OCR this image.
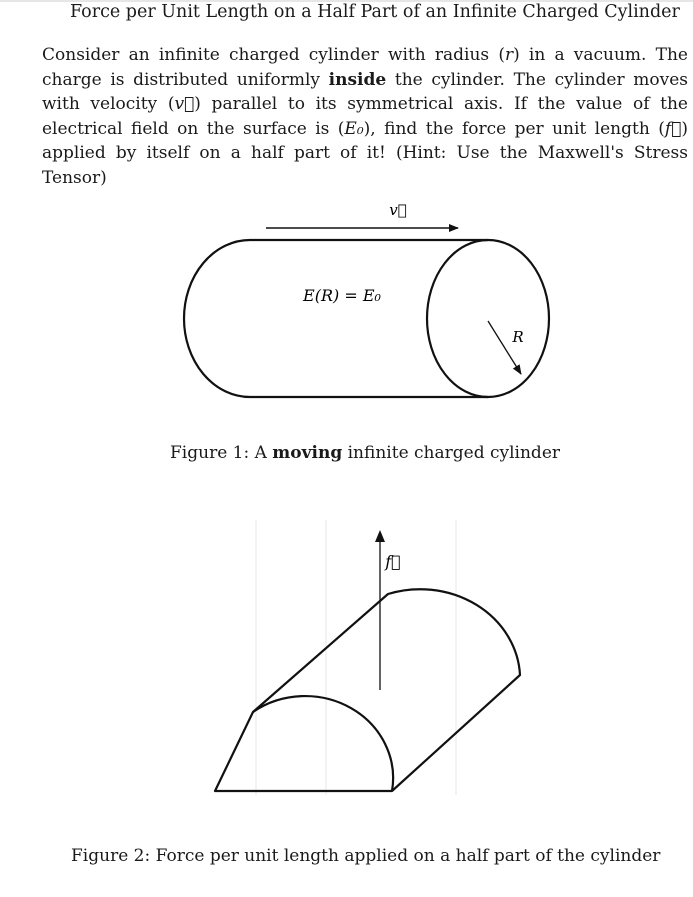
Force per Unit Length on a Half Part of an Infinite Charged Cylinder
Consider an infinite charged cylinder with radius (r) in a vacuum. The charge is distributed uniformly inside the cylinder. The cylinder moves with velocity (v⃗) parallel to its symmetrical axis. If the value of the electrical field on the surface is (E₀), find the force per unit length (f⃗) applied by itself on a half part of it! (Hint: Use the Maxwell's Stress Tensor)
v⃗
E(R) = E₀
R
Figure 1: A moving infinite charged cylinder
f⃗
Figure 2: Force per unit length applied on a half part of the cylinder
